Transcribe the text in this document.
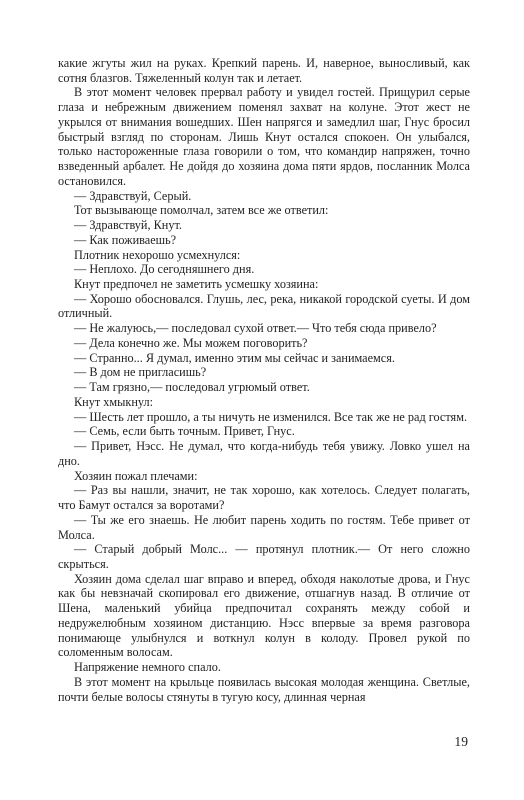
какие жгуты жил на руках. Крепкий парень. И, наверное, выносливый, как сотня блазгов. Тяжеленный колун так и летает.

В этот момент человек прервал работу и увидел гостей. Прищурил серые глаза и небрежным движением поменял захват на колуне. Этот жест не укрылся от внимания вошедших. Шен напрягся и замедлил шаг, Гнус бросил быстрый взгляд по сторонам. Лишь Кнут остался спокоен. Он улыбался, только настороженные глаза говорили о том, что командир напряжен, точно взведенный арбалет. Не дойдя до хозяина дома пяти ярдов, посланник Молса остановился.

— Здравствуй, Серый.

Тот вызывающе помолчал, затем все же ответил:

— Здравствуй, Кнут.

— Как поживаешь?

Плотник нехорошо усмехнулся:

— Неплохо. До сегодняшнего дня.

Кнут предпочел не заметить усмешку хозяина:

— Хорошо обосновался. Глушь, лес, река, никакой городской суеты. И дом отличный.

— Не жалуюсь,— последовал сухой ответ.— Что тебя сюда привело?

— Дела конечно же. Мы можем поговорить?

— Странно... Я думал, именно этим мы сейчас и занимаемся.

— В дом не пригласишь?

— Там грязно,— последовал угрюмый ответ.

Кнут хмыкнул:

— Шесть лет прошло, а ты ничуть не изменился. Все так же не рад гостям.

— Семь, если быть точным. Привет, Гнус.

— Привет, Нэсс. Не думал, что когда-нибудь тебя увижу. Ловко ушел на дно.

Хозяин пожал плечами:

— Раз вы нашли, значит, не так хорошо, как хотелось. Следует полагать, что Бамут остался за воротами?

— Ты же его знаешь. Не любит парень ходить по гостям. Тебе привет от Молса.

— Старый добрый Молс... — протянул плотник.— От него сложно скрыться.

Хозяин дома сделал шаг вправо и вперед, обходя наколотые дрова, и Гнус как бы невзначай скопировал его движение, отшагнув назад. В отличие от Шена, маленький убийца предпочитал сохранять между собой и недружелюбным хозяином дистанцию. Нэсс впервые за время разговора понимающе улыбнулся и воткнул колун в колоду. Провел рукой по соломенным волосам.

Напряжение немного спало.

В этот момент на крыльце появилась высокая молодая женщина. Светлые, почти белые волосы стянуты в тугую косу, длинная черная

19
